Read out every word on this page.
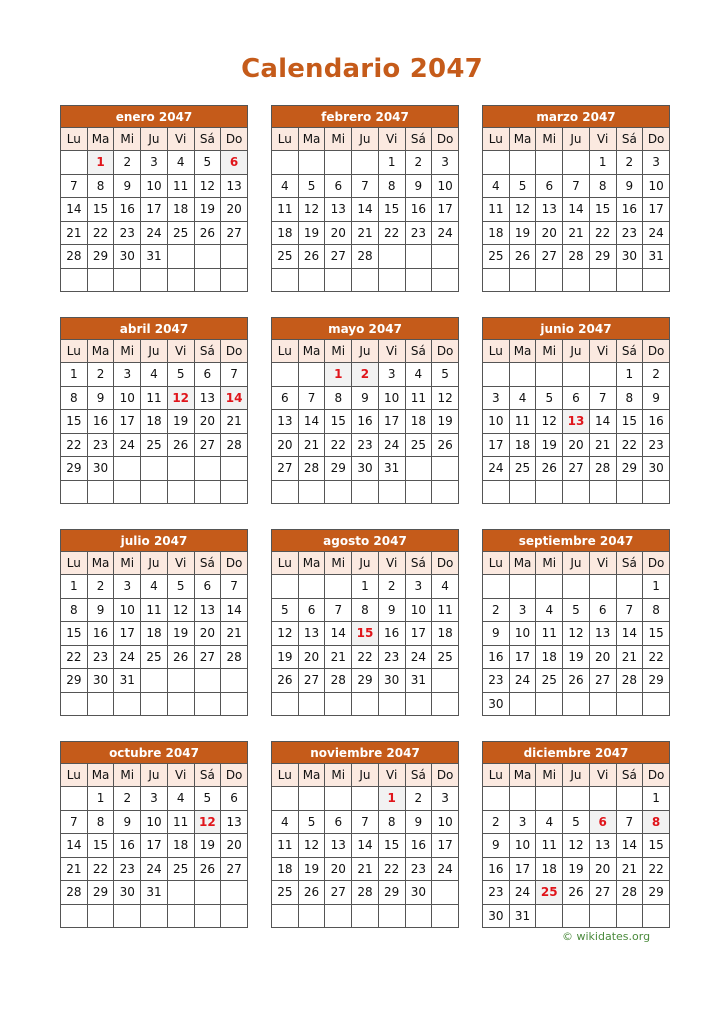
Calendario 2047
enero 2047						
Lu	Ma	Mi	Ju	Vi	Sá	Do
	1	2	3	4	5	6
7	8	9	10	11	12	13
14	15	16	17	18	19	20
21	22	23	24	25	26	27
28	29	30	31			

febrero 2047						
Lu	Ma	Mi	Ju	Vi	Sá	Do
				1	2	3
4	5	6	7	8	9	10
11	12	13	14	15	16	17
18	19	20	21	22	23	24
25	26	27	28			

marzo 2047						
Lu	Ma	Mi	Ju	Vi	Sá	Do
				1	2	3
4	5	6	7	8	9	10
11	12	13	14	15	16	17
18	19	20	21	22	23	24
25	26	27	28	29	30	31

abril 2047						
Lu	Ma	Mi	Ju	Vi	Sá	Do
1	2	3	4	5	6	7
8	9	10	11	12	13	14
15	16	17	18	19	20	21
22	23	24	25	26	27	28
29	30					

mayo 2047						
Lu	Ma	Mi	Ju	Vi	Sá	Do
		1	2	3	4	5
6	7	8	9	10	11	12
13	14	15	16	17	18	19
20	21	22	23	24	25	26
27	28	29	30	31		

junio 2047						
Lu	Ma	Mi	Ju	Vi	Sá	Do
					1	2
3	4	5	6	7	8	9
10	11	12	13	14	15	16
17	18	19	20	21	22	23
24	25	26	27	28	29	30

julio 2047						
Lu	Ma	Mi	Ju	Vi	Sá	Do
1	2	3	4	5	6	7
8	9	10	11	12	13	14
15	16	17	18	19	20	21
22	23	24	25	26	27	28
29	30	31				

agosto 2047						
Lu	Ma	Mi	Ju	Vi	Sá	Do
			1	2	3	4
5	6	7	8	9	10	11
12	13	14	15	16	17	18
19	20	21	22	23	24	25
26	27	28	29	30	31	

septiembre 2047						
Lu	Ma	Mi	Ju	Vi	Sá	Do
						1
2	3	4	5	6	7	8
9	10	11	12	13	14	15
16	17	18	19	20	21	22
23	24	25	26	27	28	29
30						
octubre 2047						
Lu	Ma	Mi	Ju	Vi	Sá	Do
	1	2	3	4	5	6
7	8	9	10	11	12	13
14	15	16	17	18	19	20
21	22	23	24	25	26	27
28	29	30	31			

noviembre 2047						
Lu	Ma	Mi	Ju	Vi	Sá	Do
				1	2	3
4	5	6	7	8	9	10
11	12	13	14	15	16	17
18	19	20	21	22	23	24
25	26	27	28	29	30	

diciembre 2047						
Lu	Ma	Mi	Ju	Vi	Sá	Do
						1
2	3	4	5	6	7	8
9	10	11	12	13	14	15
16	17	18	19	20	21	22
23	24	25	26	27	28	29
30	31					
© wikidates.org
